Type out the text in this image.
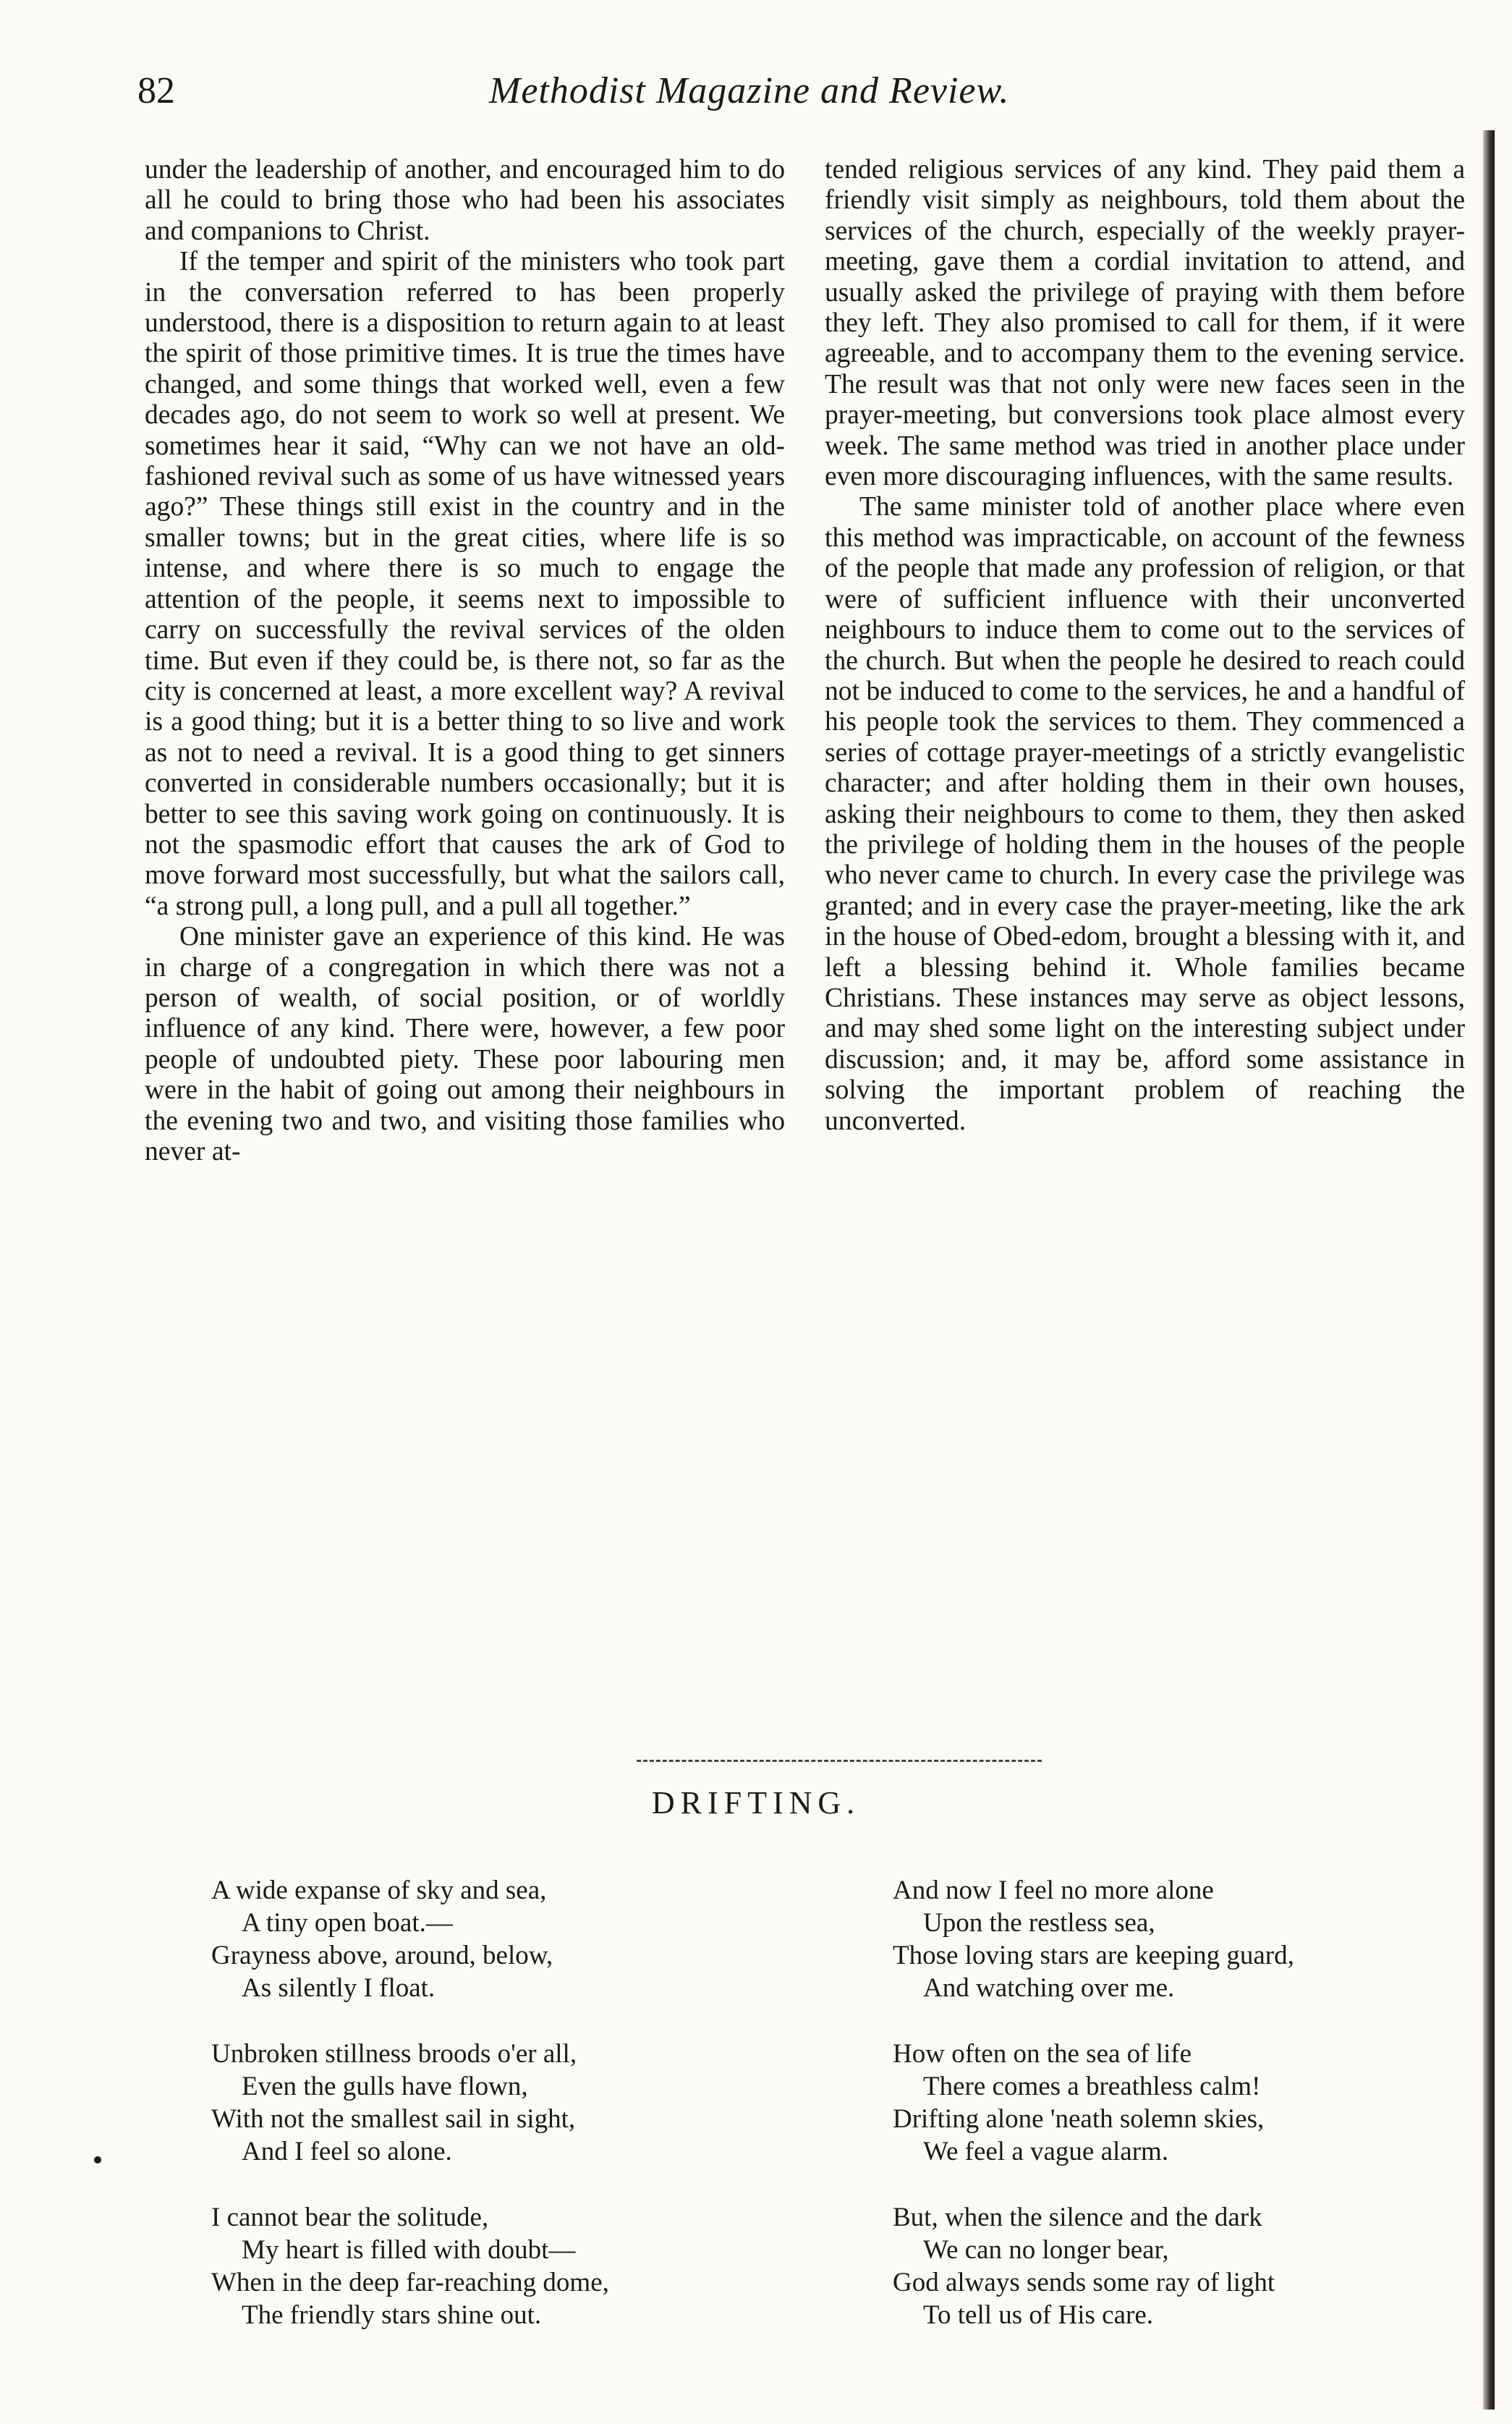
82	Methodist Magazine and Review.

under the leadership of another, and encouraged him to do all he could to bring those who had been his associates and companions to Christ.

If the temper and spirit of the ministers who took part in the conversation referred to has been properly understood, there is a disposition to return again to at least the spirit of those primitive times. It is true the times have changed, and some things that worked well, even a few decades ago, do not seem to work so well at present. We sometimes hear it said, “Why can we not have an old-fashioned revival such as some of us have witnessed years ago?” These things still exist in the country and in the smaller towns; but in the great cities, where life is so intense, and where there is so much to engage the attention of the people, it seems next to impossible to carry on successfully the revival services of the olden time. But even if they could be, is there not, so far as the city is concerned at least, a more excellent way? A revival is a good thing; but it is a better thing to so live and work as not to need a revival. It is a good thing to get sinners converted in considerable numbers occasionally; but it is better to see this saving work going on continuously. It is not the spasmodic effort that causes the ark of God to move forward most successfully, but what the sailors call, “a strong pull, a long pull, and a pull all together.”

One minister gave an experience of this kind. He was in charge of a congregation in which there was not a person of wealth, of social position, or of worldly influence of any kind. There were, however, a few poor people of undoubted piety. These poor labouring men were in the habit of going out among their neighbours in the evening two and two, and visiting those families who never at-

tended religious services of any kind. They paid them a friendly visit simply as neighbours, told them about the services of the church, especially of the weekly prayer-meeting, gave them a cordial invitation to attend, and usually asked the privilege of praying with them before they left. They also promised to call for them, if it were agreeable, and to accompany them to the evening service. The result was that not only were new faces seen in the prayer-meeting, but conversions took place almost every week. The same method was tried in another place under even more discouraging influences, with the same results.

The same minister told of another place where even this method was impracticable, on account of the fewness of the people that made any profession of religion, or that were of sufficient influence with their unconverted neighbours to induce them to come out to the services of the church. But when the people he desired to reach could not be induced to come to the services, he and a handful of his people took the services to them. They commenced a series of cottage prayer-meetings of a strictly evangelistic character; and after holding them in their own houses, asking their neighbours to come to them, they then asked the privilege of holding them in the houses of the people who never came to church. In every case the privilege was granted; and in every case the prayer-meeting, like the ark in the house of Obed-edom, brought a blessing with it, and left a blessing behind it. Whole families became Christians. These instances may serve as object lessons, and may shed some light on the interesting subject under discussion; and, it may be, afford some assistance in solving the important problem of reaching the unconverted.

DRIFTING.
A wide expanse of sky and sea,
A tiny open boat.—
Grayness above, around, below,
As silently I float.
Unbroken stillness broods o'er all,
Even the gulls have flown,
With not the smallest sail in sight,
And I feel so alone.
I cannot bear the solitude,
My heart is filled with doubt—
When in the deep far-reaching dome,
The friendly stars shine out.
And now I feel no more alone
Upon the restless sea,
Those loving stars are keeping guard,
And watching over me.
How often on the sea of life
There comes a breathless calm!
Drifting alone 'neath solemn skies,
We feel a vague alarm.
But, when the silence and the dark
We can no longer bear,
God always sends some ray of light
To tell us of His care.
